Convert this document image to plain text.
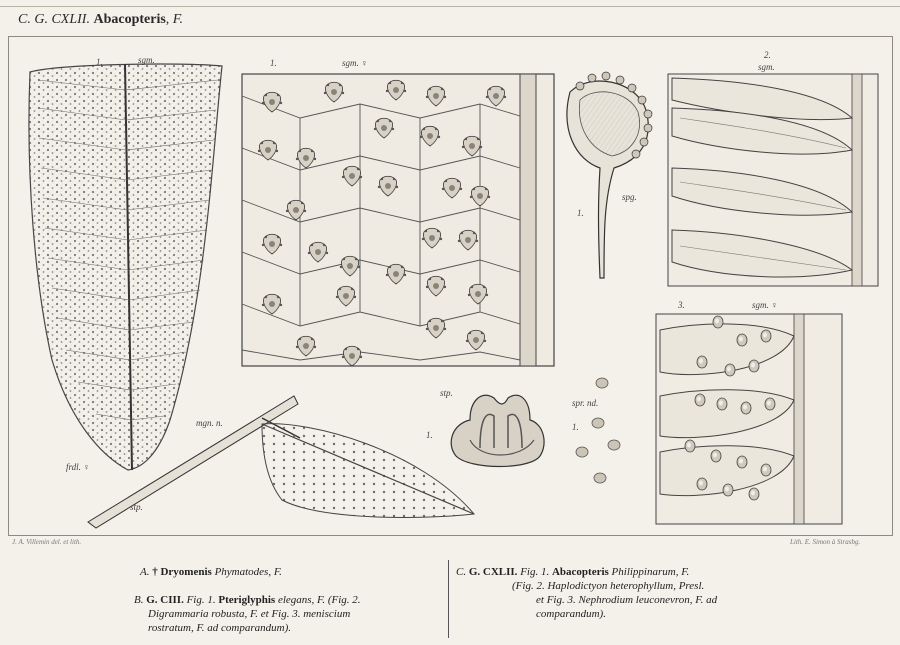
C. G. CXLII. Abacopteris, F.
1.	sgm.	1.	sgm. ♀
1.
spg.
2.
sgm.
3.	sgm. ♀
stp.
1.
spr. nd.
1.
mgn. n.
frdl. ♀
stp.
J. A. Villemin del. et lith.	Lith. E. Simon à Strasbg.
A. † Dryomenis Phymatodes, F.
B. G. CIII. Fig. 1. Pteriglyphis elegans, F. (Fig. 2.
Digrammaria robusta, F. et Fig. 3. meniscium
rostratum, F. ad comparandum).
C. G. CXLII. Fig. 1. Abacopteris Philippinarum, F.
(Fig. 2. Haplodictyon heterophyllum, Presl.
et Fig. 3. Nephrodium leuconevron, F. ad
comparandum).
